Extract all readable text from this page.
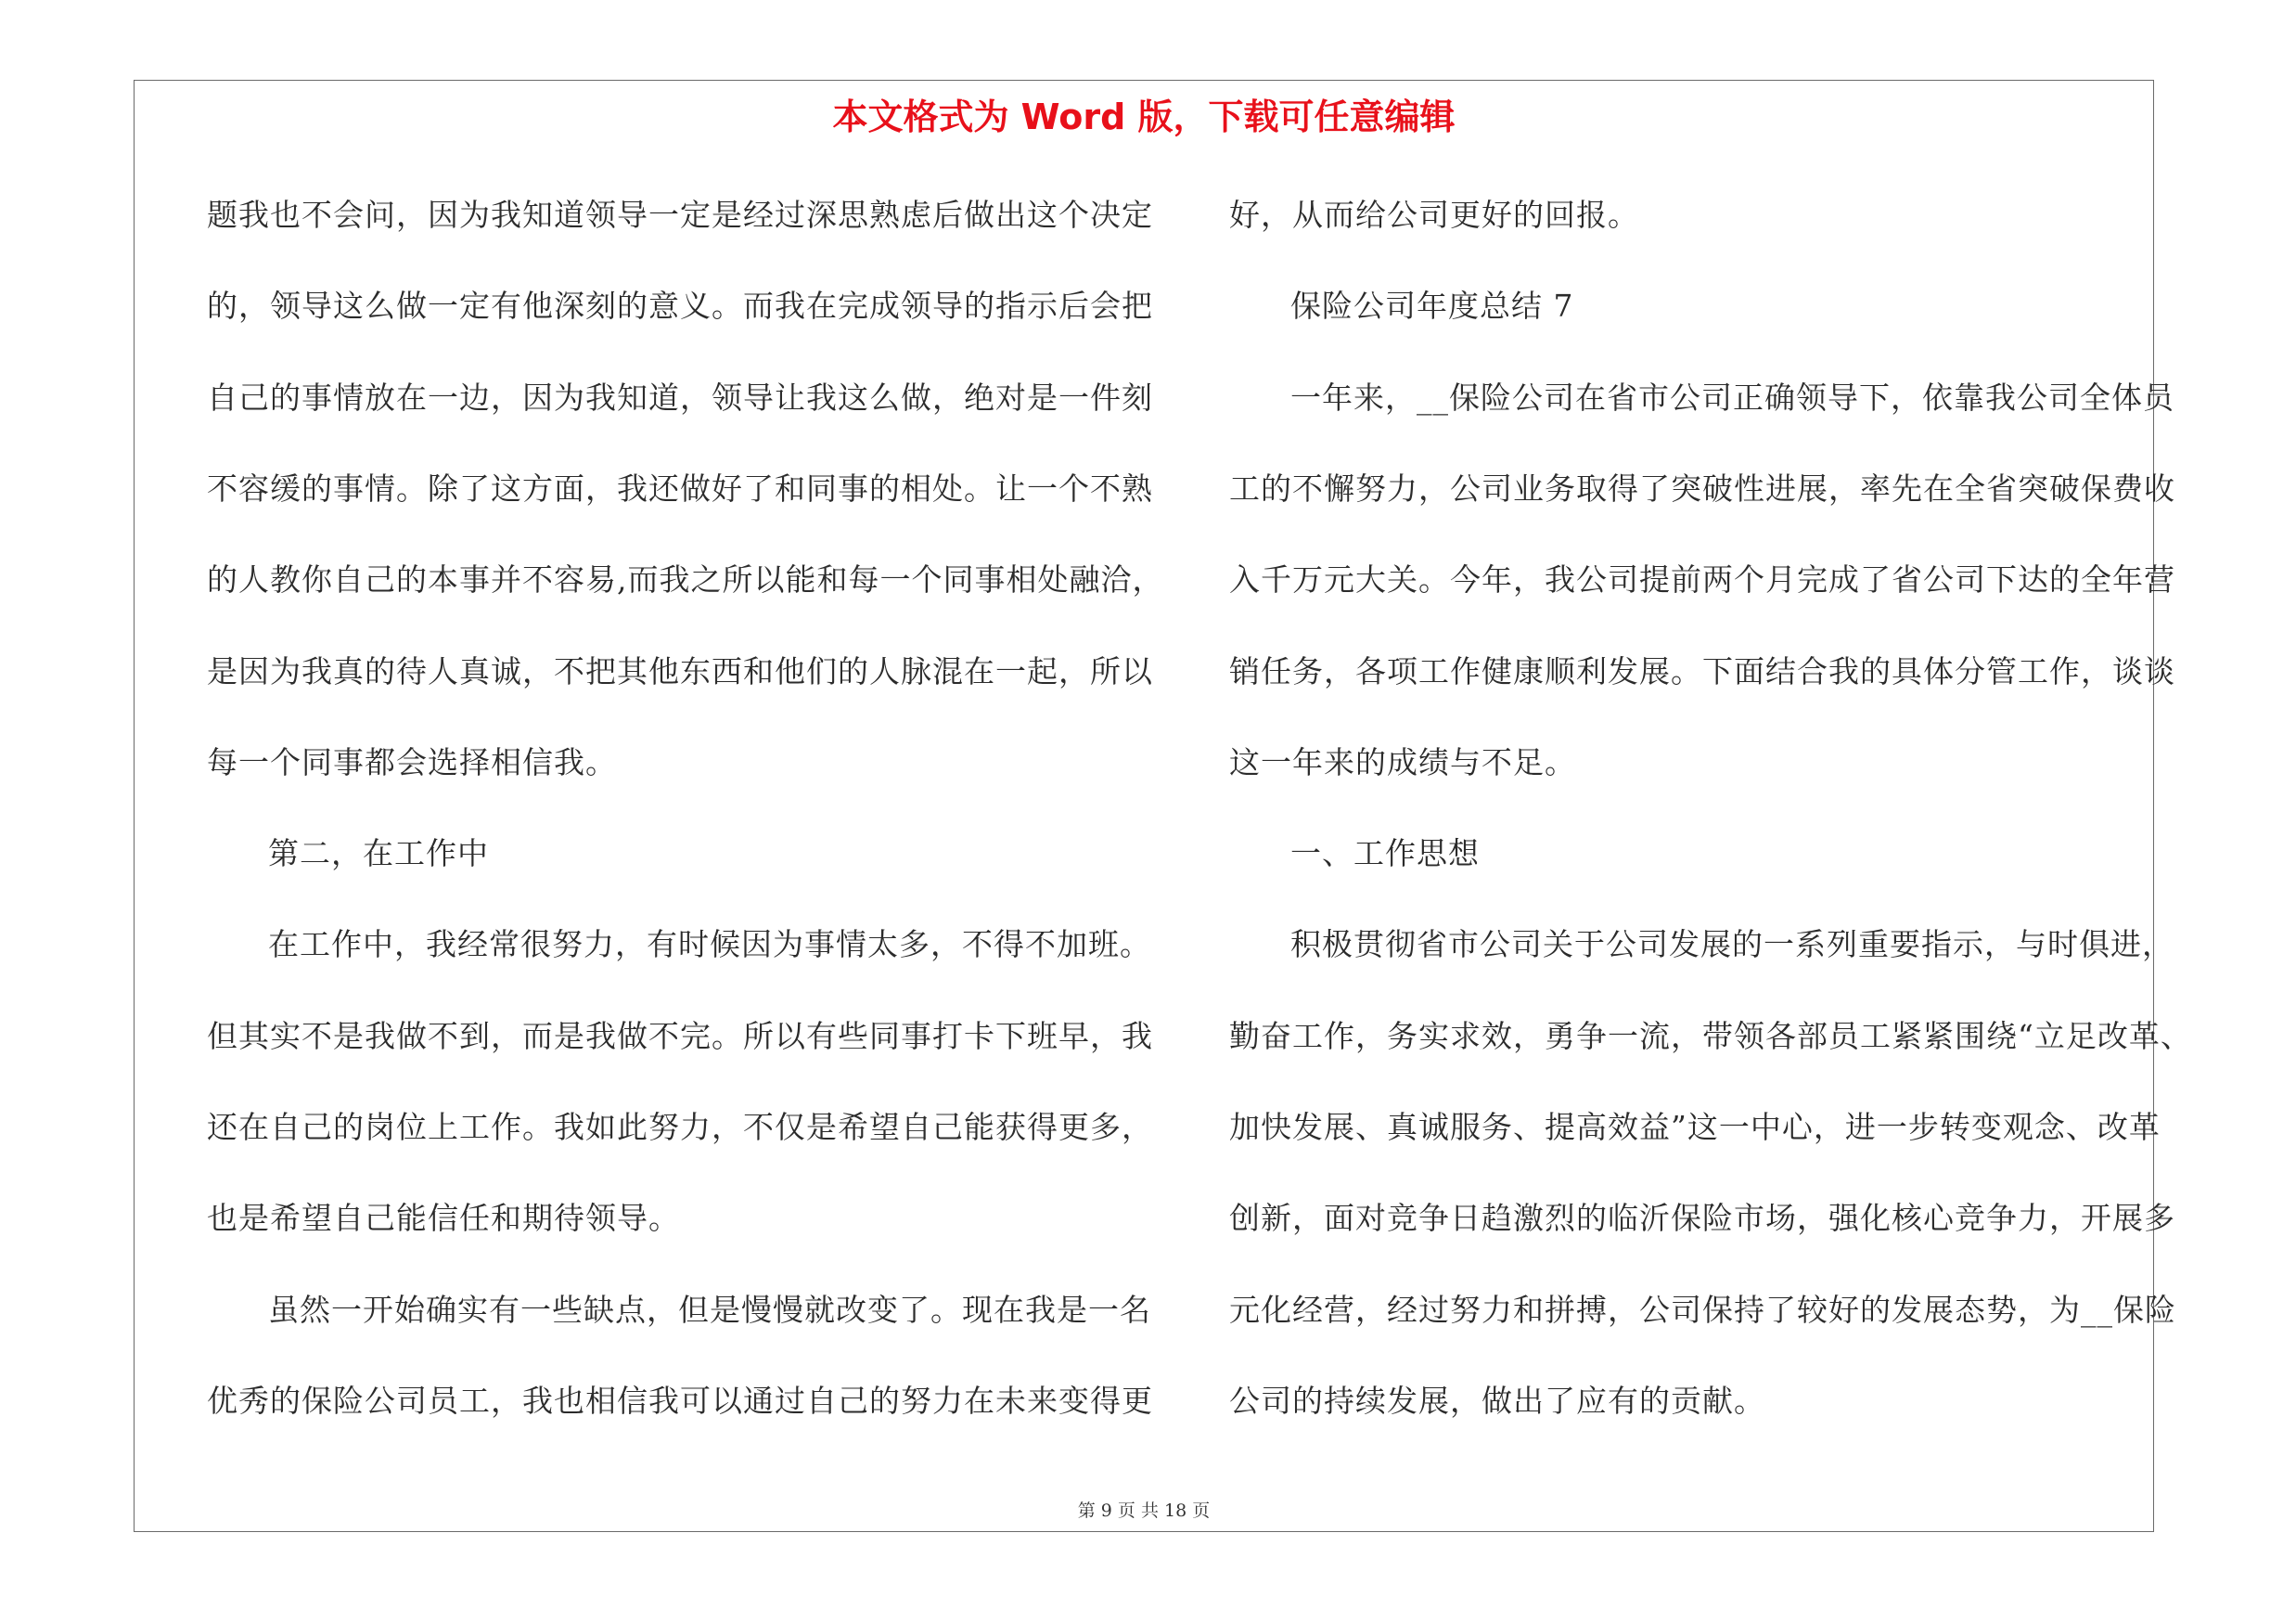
本文格式为 Word 版，下载可任意编辑
题我也不会问，因为我知道领导一定是经过深思熟虑后做出这个决定
的，领导这么做一定有他深刻的意义。而我在完成领导的指示后会把
自己的事情放在一边，因为我知道，领导让我这么做，绝对是一件刻
不容缓的事情。除了这方面，我还做好了和同事的相处。让一个不熟
的人教你自己的本事并不容易,而我之所以能和每一个同事相处融洽，
是因为我真的待人真诚，不把其他东西和他们的人脉混在一起，所以
每一个同事都会选择相信我。
第二，在工作中
在工作中，我经常很努力，有时候因为事情太多，不得不加班。
但其实不是我做不到，而是我做不完。所以有些同事打卡下班早，我
还在自己的岗位上工作。我如此努力，不仅是希望自己能获得更多，
也是希望自己能信任和期待领导。
虽然一开始确实有一些缺点，但是慢慢就改变了。现在我是一名
优秀的保险公司员工，我也相信我可以通过自己的努力在未来变得更
好，从而给公司更好的回报。
保险公司年度总结 7
一年来，__保险公司在省市公司正确领导下，依靠我公司全体员
工的不懈努力，公司业务取得了突破性进展，率先在全省突破保费收
入千万元大关。今年，我公司提前两个月完成了省公司下达的全年营
销任务，各项工作健康顺利发展。下面结合我的具体分管工作，谈谈
这一年来的成绩与不足。
一、工作思想
积极贯彻省市公司关于公司发展的一系列重要指示，与时俱进，
勤奋工作，务实求效，勇争一流，带领各部员工紧紧围绕“立足改革、
加快发展、真诚服务、提高效益”这一中心，进一步转变观念、改革
创新，面对竞争日趋激烈的临沂保险市场，强化核心竞争力，开展多
元化经营，经过努力和拼搏，公司保持了较好的发展态势，为__保险
公司的持续发展，做出了应有的贡献。
第 9 页 共 18 页
